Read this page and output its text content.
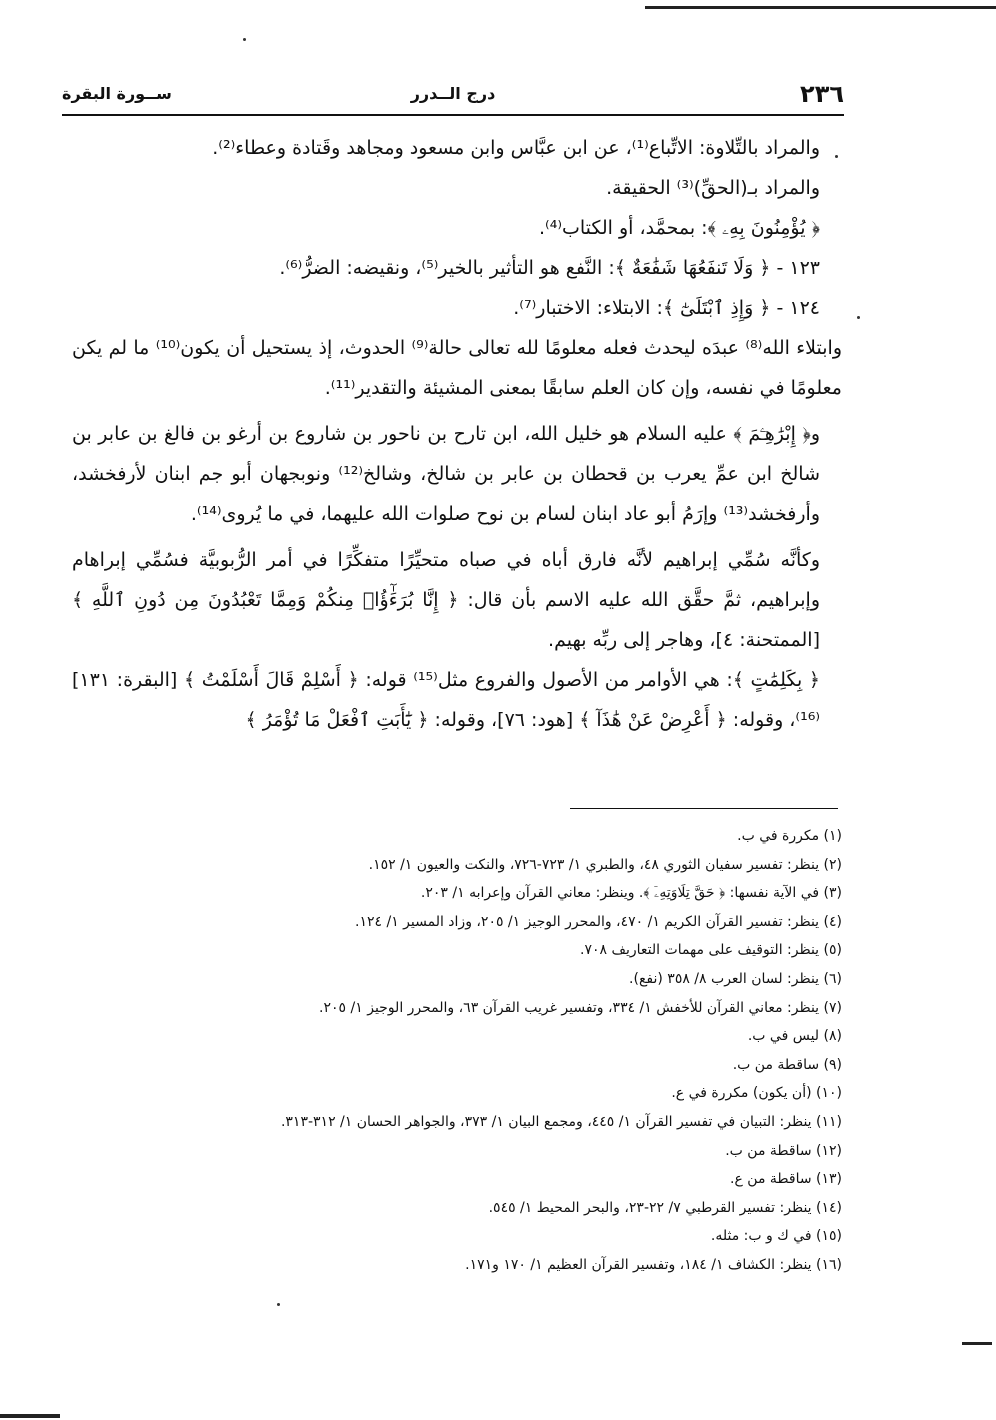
٢٣٦
درج الــدرر
ســورة البقرة

والمراد بالتِّلاوة: الاتِّباع⁽¹⁾، عن ابن عبَّاس وابن مسعود ومجاهد وقَتادة وعطاء⁽²⁾.

والمراد بـ(الحقِّ)⁽³⁾ الحقيقة.

﴿ يُؤْمِنُونَ بِهِۦ ﴾: بمحمَّد، أو الكتاب⁽⁴⁾.

١٢٣ - ﴿ وَلَا تَنفَعُهَا شَفَٰعَةٌ ﴾: النَّفع هو التأثير بالخير⁽⁵⁾، ونقيضه: الضرُّ⁽⁶⁾.

١٢٤ - ﴿ وَإِذِ ٱبْتَلَىٰٓ ﴾: الابتلاء: الاختبار⁽⁷⁾.

وابتلاء الله⁽⁸⁾ عبدَه ليحدث فعله معلومًا لله تعالى حالة⁽⁹⁾ الحدوث، إذ يستحيل أن يكون⁽¹⁰⁾ ما لم يكن معلومًا في نفسه، وإن كان العلم سابقًا بمعنى المشيئة والتقدير⁽¹¹⁾.

و﴿ إِبْرَٰهِـۧمَ ﴾ عليه السلام هو خليل الله، ابن تارح بن ناحور بن شاروع بن أرغو بن فالغ بن عابر بن شالخ ابن عمِّ يعرب بن قحطان بن عابر بن شالخ، وشالخ⁽¹²⁾ ونوبجهان أبو جم ابنان لأرفخشد، وأرفخشد⁽¹³⁾ وإرَمُ أبو عاد ابنان لسام بن نوح صلوات الله عليهما، في ما يُروى⁽¹⁴⁾.

وكأنَّه سُمِّي إبراهيم لأنَّه فارق أباه في صباه متحيِّرًا متفكِّرًا في أمر الرُّبوبيَّة فسُمِّي إبراهام وإبراهيم، ثمَّ حقَّق الله عليه الاسم بأن قال: ﴿ إِنَّا بُرَءَٰٓؤُا۟ مِنكُمْ وَمِمَّا تَعْبُدُونَ مِن دُونِ ٱللَّهِ ﴾ [الممتحنة: ٤]، وهاجر إلى ربِّه بهيم.

﴿ بِكَلِمَٰتٍ ﴾: هي الأوامر من الأصول والفروع مثل⁽¹⁵⁾ قوله: ﴿ أَسْلِمْ قَالَ أَسْلَمْتُ ﴾ [البقرة: ١٣١]⁽¹⁶⁾، وقوله: ﴿ أَعْرِضْ عَنْ هَٰذَآ ﴾ [هود: ٧٦]، وقوله: ﴿ يَٰٓأَبَتِ ٱفْعَلْ مَا تُؤْمَرُ ﴾

(١) مكررة في ب.
(٢) ينظر: تفسير سفيان الثوري ٤٨، والطبري ١/ ٧٢٣-٧٢٦، والنكت والعيون ١/ ١٥٢.
(٣) في الآية نفسها: ﴿ حَقَّ تِلَاوَتِهِۦٓ ﴾. وينظر: معاني القرآن وإعرابه ١/ ٢٠٣.
(٤) ينظر: تفسير القرآن الكريم ١/ ٤٧٠، والمحرر الوجيز ١/ ٢٠٥، وزاد المسير ١/ ١٢٤.
(٥) ينظر: التوقيف على مهمات التعاريف ٧٠٨.
(٦) ينظر: لسان العرب ٨/ ٣٥٨ (نفع).
(٧) ينظر: معاني القرآن للأخفش ١/ ٣٣٤، وتفسير غريب القرآن ٦٣، والمحرر الوجيز ١/ ٢٠٥.
(٨) ليس في ب.
(٩) ساقطة من ب.
(١٠) (أن يكون) مكررة في ع.
(١١) ينظر: التبيان في تفسير القرآن ١/ ٤٤٥، ومجمع البيان ١/ ٣٧٣، والجواهر الحسان ١/ ٣١٢-٣١٣.
(١٢) ساقطة من ب.
(١٣) ساقطة من ع.
(١٤) ينظر: تفسير القرطبي ٧/ ٢٢-٢٣، والبحر المحيط ١/ ٥٤٥.
(١٥) في ك و ب: مثله.
(١٦) ينظر: الكشاف ١/ ١٨٤، وتفسير القرآن العظيم ١/ ١٧٠ و١٧١.
